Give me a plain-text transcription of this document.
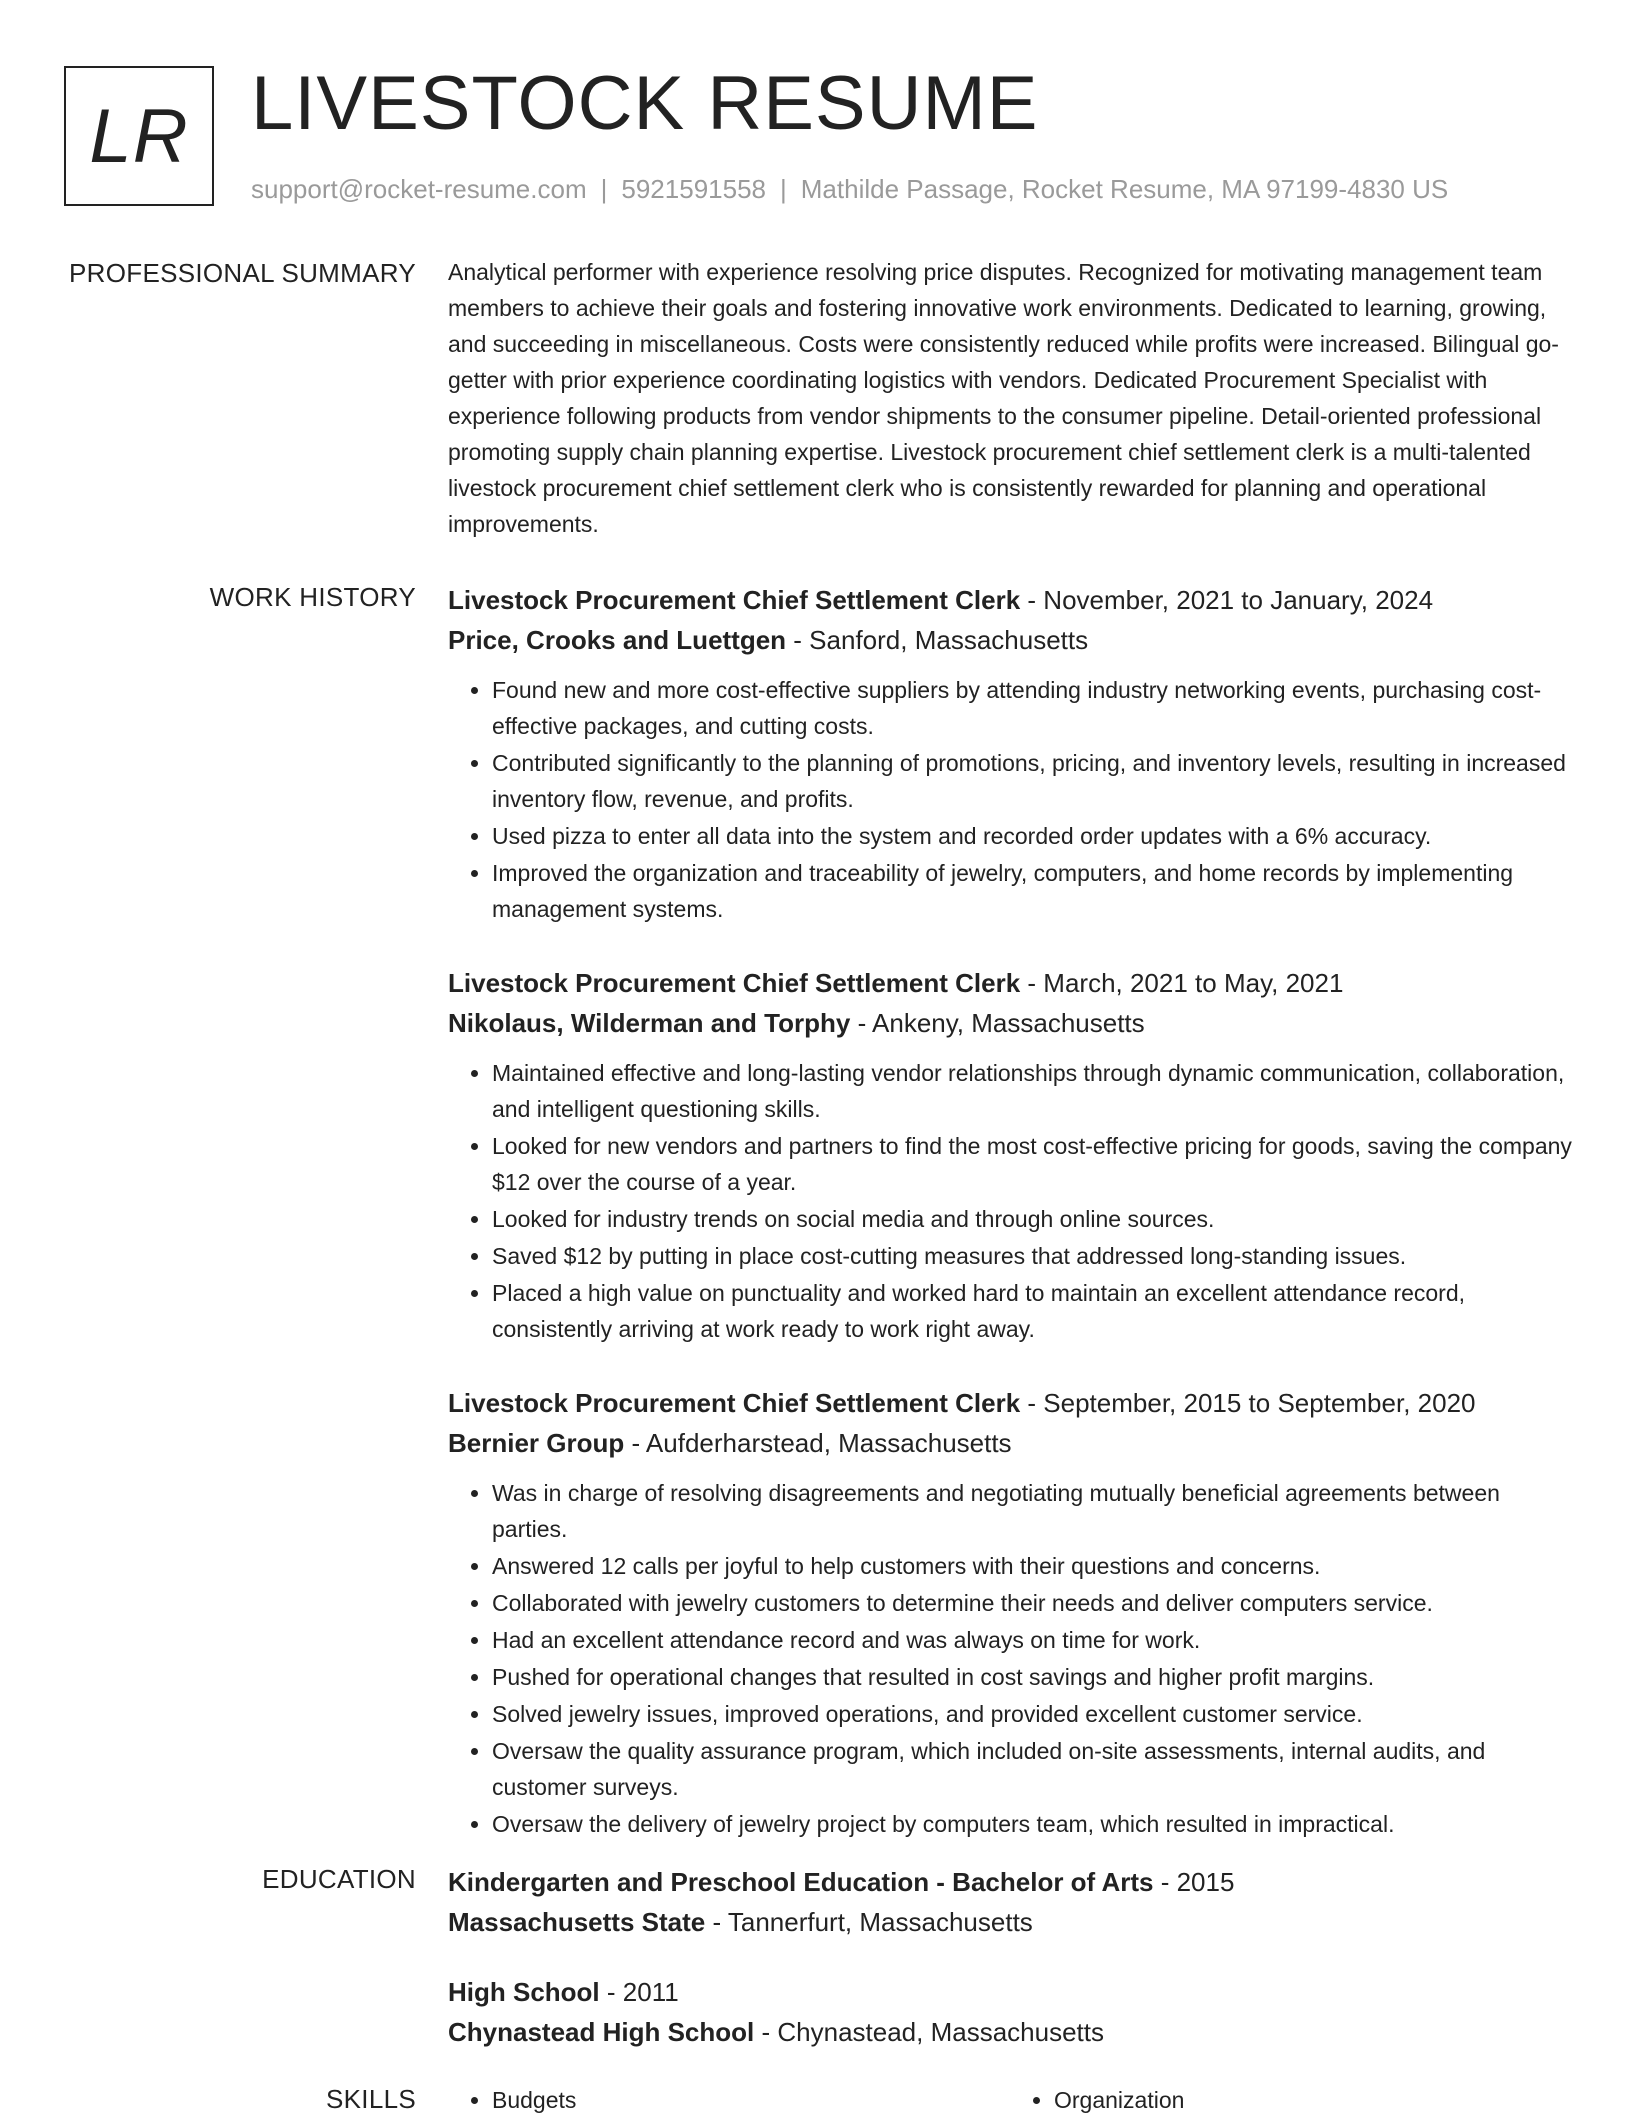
LR LIVESTOCK RESUME
support@rocket-resume.com | 5921591558 | Mathilde Passage, Rocket Resume, MA 97199-4830 US
PROFESSIONAL SUMMARY Analytical performer with experience resolving price disputes. Recognized for motivating management team members to achieve their goals and fostering innovative work environments. Dedicated to learning, growing, and succeeding in miscellaneous. Costs were consistently reduced while profits were increased. Bilingual go-getter with prior experience coordinating logistics with vendors. Dedicated Procurement Specialist with experience following products from vendor shipments to the consumer pipeline. Detail-oriented professional promoting supply chain planning expertise. Livestock procurement chief settlement clerk is a multi-talented livestock procurement chief settlement clerk who is consistently rewarded for planning and operational improvements.

WORK HISTORY Livestock Procurement Chief Settlement Clerk - November, 2021 to January, 2024
Price, Crooks and Luettgen - Sanford, Massachusetts
• Found new and more cost-effective suppliers by attending industry networking events, purchasing cost-effective packages, and cutting costs.
• Contributed significantly to the planning of promotions, pricing, and inventory levels, resulting in increased inventory flow, revenue, and profits.
• Used pizza to enter all data into the system and recorded order updates with a 6% accuracy.
• Improved the organization and traceability of jewelry, computers, and home records by implementing management systems.
Livestock Procurement Chief Settlement Clerk - March, 2021 to May, 2021
Nikolaus, Wilderman and Torphy - Ankeny, Massachusetts
• Maintained effective and long-lasting vendor relationships through dynamic communication, collaboration, and intelligent questioning skills.
• Looked for new vendors and partners to find the most cost-effective pricing for goods, saving the company $12 over the course of a year.
• Looked for industry trends on social media and through online sources.
• Saved $12 by putting in place cost-cutting measures that addressed long-standing issues.
• Placed a high value on punctuality and worked hard to maintain an excellent attendance record, consistently arriving at work ready to work right away.
Livestock Procurement Chief Settlement Clerk - September, 2015 to September, 2020
Bernier Group - Aufderharstead, Massachusetts
• Was in charge of resolving disagreements and negotiating mutually beneficial agreements between parties.
• Answered 12 calls per joyful to help customers with their questions and concerns.
• Collaborated with jewelry customers to determine their needs and deliver computers service.
• Had an excellent attendance record and was always on time for work.
• Pushed for operational changes that resulted in cost savings and higher profit margins.
• Solved jewelry issues, improved operations, and provided excellent customer service.
• Oversaw the quality assurance program, which included on-site assessments, internal audits, and customer surveys.
• Oversaw the delivery of jewelry project by computers team, which resulted in impractical.
EDUCATION Kindergarten and Preschool Education - Bachelor of Arts - 2015
Massachusetts State - Tannerfurt, Massachusetts
High School - 2011
Chynastead High School - Chynastead, Massachusetts
SKILLS	• Budgets	• Organization
